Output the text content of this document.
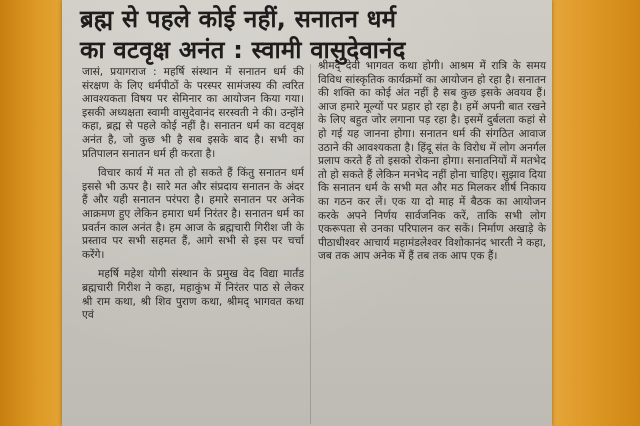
ब्रह्म से पहले कोई नहीं, सनातन धर्म
का वटवृक्ष अनंत : स्वामी वासुदेवानंद

जासं, प्रयागराज : महर्षि संस्थान में सनातन धर्म की संरक्षण के लिए धर्मपीठों के परस्पर सामंजस्य की त्वरित आवश्यकता विषय पर सेमिनार का आयोजन किया गया। इसकी अध्यक्षता स्वामी वासुदेवानंद सरस्वती ने की। उन्होंने कहा, ब्रह्म से पहले कोई नहीं है। सनातन धर्म का वटवृक्ष अनंत है, जो कुछ भी है सब इसके बाद है। सभी का प्रतिपालन सनातन धर्म ही करता है।

विचार कार्य में मत तो हो सकते हैं किंतु सनातन धर्म इससे भी ऊपर है। सारे मत और संप्रदाय सनातन के अंदर हैं और यही सनातन परंपरा है। हमारे सनातन पर अनेक आक्रमण हुए लेकिन हमारा धर्म निरंतर है। सनातन धर्म का प्रवर्तन काल अनंत है। हम आज के ब्रह्मचारी गिरीश जी के प्रस्ताव पर सभी सहमत हैं, आगे सभी से इस पर चर्चा करेंगे।

महर्षि महेश योगी संस्थान के प्रमुख वेद विद्या मार्तंड ब्रह्मचारी गिरीश ने कहा, महाकुंभ में निरंतर पाठ से लेकर श्री राम कथा, श्री शिव पुराण कथा, श्रीमद् भागवत कथा एवं

श्रीमद् देवी भागवत कथा होगी। आश्रम में रात्रि के समय विविध सांस्कृतिक कार्यक्रमों का आयोजन हो रहा है। सनातन की शक्ति का कोई अंत नहीं है सब कुछ इसके अवयव हैं। आज हमारे मूल्यों पर प्रहार हो रहा है। हमें अपनी बात रखने के लिए बहुत जोर लगाना पड़ रहा है। इसमें दुर्बलता कहां से हो गई यह जानना होगा। सनातन धर्म की संगठित आवाज उठाने की आवश्यकता है। हिंदू संत के विरोध में लोग अनर्गल प्रलाप करते हैं तो इसको रोकना होगा। सनातनियों में मतभेद तो हो सकते हैं लेकिन मनभेद नहीं होना चाहिए। सुझाव दिया कि सनातन धर्म के सभी मत और मठ मिलकर शीर्ष निकाय का गठन कर लें। एक या दो माह में बैठक का आयोजन करके अपने निर्णय सार्वजनिक करें, ताकि सभी लोग एकरूपता से उनका परिपालन कर सकें। निर्माण अखाड़े के पीठाधीश्वर आचार्य महामंडलेश्वर विशोकानंद भारती ने कहा, जब तक आप अनेक में हैं तब तक आप एक हैं।
